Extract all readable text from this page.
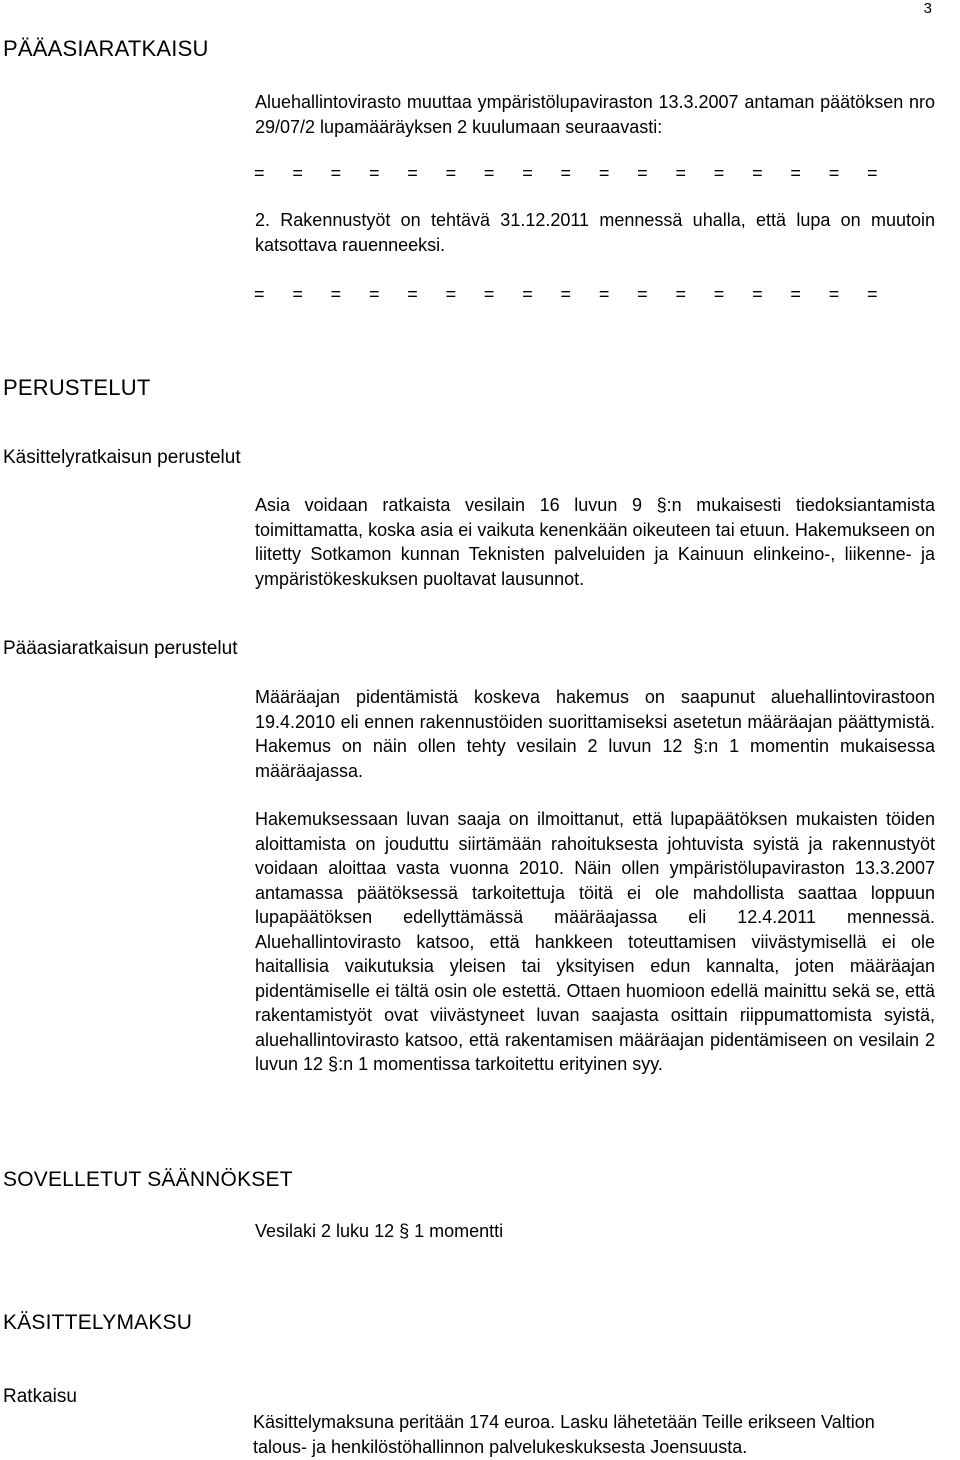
3
PÄÄASIARATKAISU

Aluehallintovirasto muuttaa ympäristölupaviraston 13.3.2007 antaman päätöksen nro 29/07/2 lupamääräyksen 2 kuulumaan seuraavasti:

= = = = = = = = = = = = = = = = =

2. Rakennustyöt on tehtävä 31.12.2011 mennessä uhalla, että lupa on muutoin katsottava rauenneeksi.

= = = = = = = = = = = = = = = = =
PERUSTELUT
Käsittelyratkaisun perustelut

Asia voidaan ratkaista vesilain 16 luvun 9 §:n mukaisesti tiedoksiantamista toimittamatta, koska asia ei vaikuta kenenkään oikeuteen tai etuun. Hakemukseen on liitetty Sotkamon kunnan Teknisten palveluiden ja Kainuun elinkeino-, liikenne- ja ympäristökeskuksen puoltavat lausunnot.

Pääasiaratkaisun perustelut

Määräajan pidentämistä koskeva hakemus on saapunut aluehallintovirastoon 19.4.2010 eli ennen rakennustöiden suorittamiseksi asetetun määräajan päättymistä. Hakemus on näin ollen tehty vesilain 2 luvun 12 §:n 1 momentin mukaisessa määräajassa.

Hakemuksessaan luvan saaja on ilmoittanut, että lupapäätöksen mukaisten töiden aloittamista on jouduttu siirtämään rahoituksesta johtuvista syistä ja rakennustyöt voidaan aloittaa vasta vuonna 2010. Näin ollen ympäristölupaviraston 13.3.2007 antamassa päätöksessä tarkoitettuja töitä ei ole mahdollista saattaa loppuun lupapäätöksen edellyttämässä määräajassa eli 12.4.2011 mennessä. Aluehallintovirasto katsoo, että hankkeen toteuttamisen viivästymisellä ei ole haitallisia vaikutuksia yleisen tai yksityisen edun kannalta, joten määräajan pidentämiselle ei tältä osin ole estettä. Ottaen huomioon edellä mainittu sekä se, että rakentamistyöt ovat viivästyneet luvan saajasta osittain riippumattomista syistä, aluehallintovirasto katsoo, että rakentamisen määräajan pidentämiseen on vesilain 2 luvun 12 §:n 1 momentissa tarkoitettu erityinen syy.

SOVELLETUT SÄÄNNÖKSET

Vesilaki 2 luku 12 § 1 momentti

KÄSITTELYMAKSU
Ratkaisu

Käsittelymaksuna peritään 174 euroa. Lasku lähetetään Teille erikseen Valtion talous- ja henkilöstöhallinnon palvelukeskuksesta Joensuusta.
